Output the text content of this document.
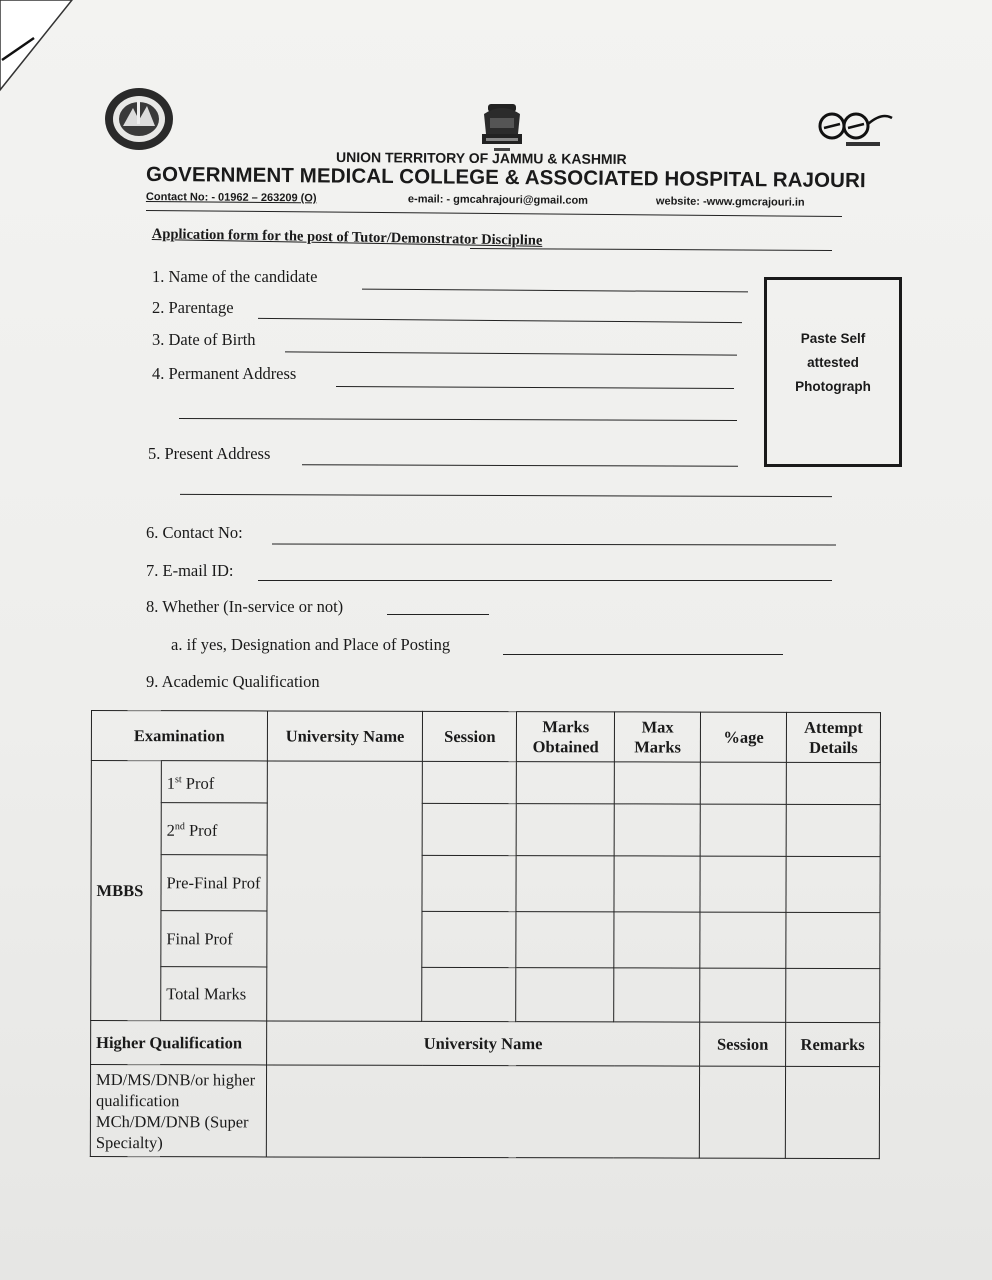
UNION TERRITORY OF JAMMU & KASHMIR
GOVERNMENT MEDICAL COLLEGE & ASSOCIATED HOSPITAL RAJOURI
Contact No: - 01962 – 263209 (O)	e-mail: - gmcahrajouri@gmail.com	website: -www.gmcrajouri.in
Application form for the post of Tutor/Demonstrator Discipline
1. Name of the candidate
2. Parentage
3. Date of Birth
4. Permanent Address
5. Present Address
6. Contact No:
7. E-mail ID:
8. Whether (In-service or not)
a. if yes, Designation and Place of Posting
9. Academic Qualification
Paste Self
attested
Photograph
Examination		University Name	Session	Marks Obtained	Max Marks	%age	Attempt Details
MBBS	1st Prof						
	2nd Prof						
	Pre-Final Prof						
	Final Prof						
	Total Marks						
Higher Qualification		University Name				Session	Remarks
MD/MS/DNB/or higher qualification MCh/DM/DNB (Super Specialty)							
